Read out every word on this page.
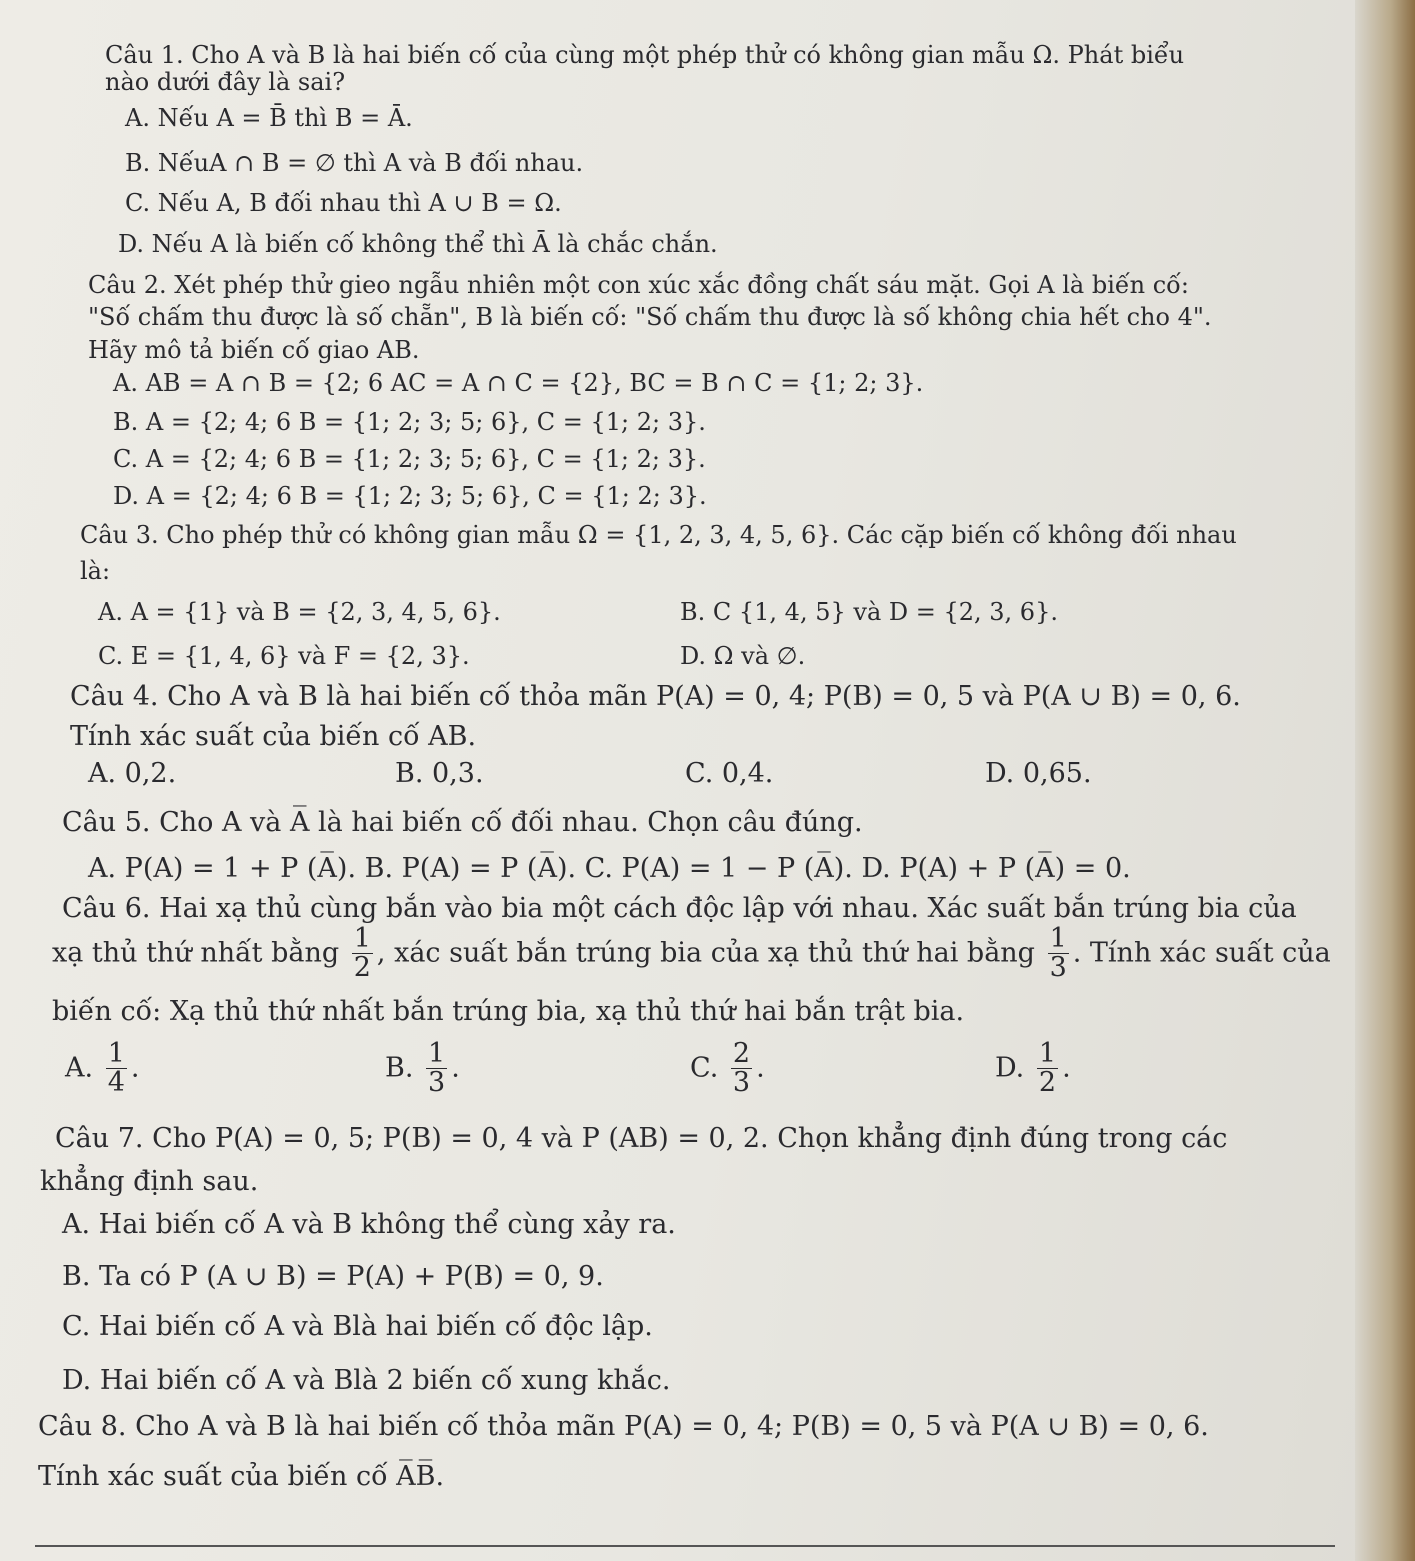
Câu 1. Cho A và B là hai biến cố của cùng một phép thử có không gian mẫu Ω. Phát biểu
nào dưới đây là sai?
A. Nếu A = B̄ thì B = Ā.
B. NếuA ∩ B = ∅ thì A và B đối nhau.
C. Nếu A, B đối nhau thì A ∪ B = Ω.
D. Nếu A là biến cố không thể thì Ā là chắc chắn.
Câu 2. Xét phép thử gieo ngẫu nhiên một con xúc xắc đồng chất sáu mặt. Gọi A là biến cố:
"Số chấm thu được là số chẵn", B là biến cố: "Số chấm thu được là số không chia hết cho 4".
Hãy mô tả biến cố giao AB.
A. AB = A ∩ B = {2; 6 AC = A ∩ C = {2}, BC = B ∩ C = {1; 2; 3}.
B. A = {2; 4; 6 B = {1; 2; 3; 5; 6}, C = {1; 2; 3}.
C. A = {2; 4; 6 B = {1; 2; 3; 5; 6}, C = {1; 2; 3}.
D. A = {2; 4; 6 B = {1; 2; 3; 5; 6}, C = {1; 2; 3}.
Câu 3. Cho phép thử có không gian mẫu Ω = {1, 2, 3, 4, 5, 6}. Các cặp biến cố không đối nhau
là:
A. A = {1} và B = {2, 3, 4, 5, 6}.	B. C {1, 4, 5} và D = {2, 3, 6}.
C. E = {1, 4, 6} và F = {2, 3}.	D. Ω và ∅.
Câu 4. Cho A và B là hai biến cố thỏa mãn P(A) = 0, 4; P(B) = 0, 5 và P(A ∪ B) = 0, 6.
Tính xác suất của biến cố AB.
A. 0,2.	B. 0,3.	C. 0,4.	D. 0,65.
Câu 5. Cho A và A̅ là hai biến cố đối nhau. Chọn câu đúng.
A. P(A) = 1 + P (A̅). B. P(A) = P (A̅). C. P(A) = 1 − P (A̅). D. P(A) + P (A̅) = 0.
Câu 6. Hai xạ thủ cùng bắn vào bia một cách độc lập với nhau. Xác suất bắn trúng bia của
xạ thủ thứ nhất bằng $\frac{1}{2}$ , xác suất bắn trúng bia của xạ thủ thứ hai bằng $\frac{1}{3}$ . Tính xác suất của
biến cố: Xạ thủ thứ nhất bắn trúng bia, xạ thủ thứ hai bắn trật bia.
A. $\frac{1}{4}$ .	B. $\frac{1}{3}$ .	C. $\frac{2}{3}$ .	D. $\frac{1}{2}$ .
Câu 7. Cho P(A) = 0, 5; P(B) = 0, 4 và P (AB) = 0, 2. Chọn khẳng định đúng trong các
khẳng định sau.
A. Hai biến cố A và B không thể cùng xảy ra.
B. Ta có P (A ∪ B) = P(A) + P(B) = 0, 9.
C. Hai biến cố A và Blà hai biến cố độc lập.
D. Hai biến cố A và Blà 2 biến cố xung khắc.
Câu 8. Cho A và B là hai biến cố thỏa mãn P(A) = 0, 4; P(B) = 0, 5 và P(A ∪ B) = 0, 6.
Tính xác suất của biến cố A̅B̅.
